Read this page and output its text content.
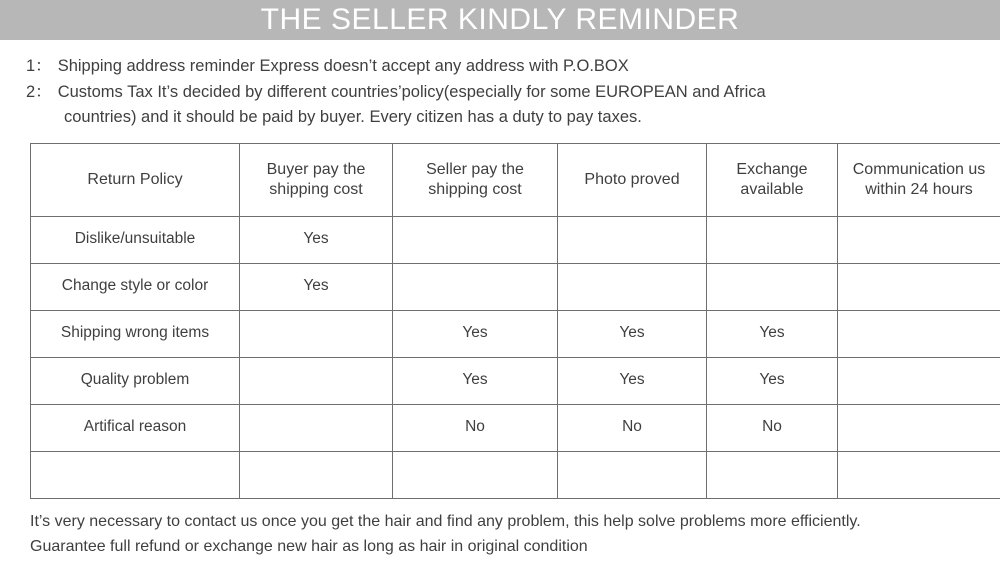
THE SELLER KINDLY REMINDER
1： Shipping address reminder Express doesn’t accept any address with P.O.BOX
2： Customs Tax It’s decided by different countries’policy(especially for some EUROPEAN and Africa
countries) and it should be paid by buyer. Every citizen has a duty to pay taxes.
Return Policy	Buyer pay the shipping cost	Seller pay the shipping cost	Photo proved	Exchange available	Communication us within 24 hours
Dislike/unsuitable	Yes				
Change style or color	Yes				
Shipping wrong items		Yes	Yes	Yes	
Quality problem		Yes	Yes	Yes	
Artifical reason		No	No	No	

It’s very necessary to contact us once you get the hair and find any problem, this help solve problems more efficiently.
Guarantee full refund or exchange new hair as long as hair in original condition
